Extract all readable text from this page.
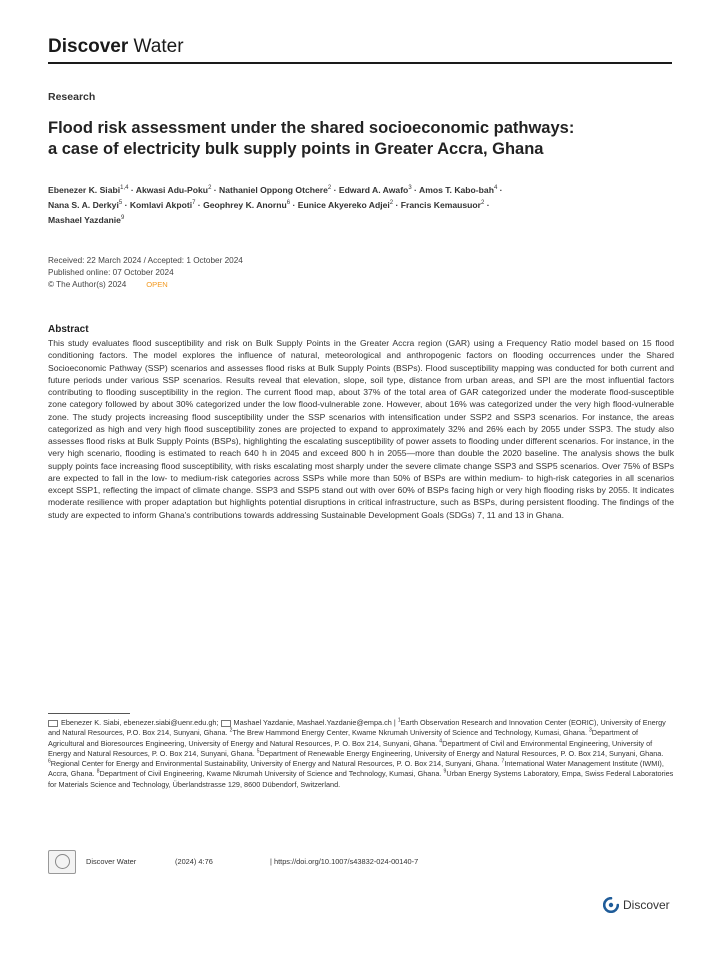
Discover Water
Research
Flood risk assessment under the shared socioeconomic pathways:
a case of electricity bulk supply points in Greater Accra, Ghana
Ebenezer K. Siabi$^{1,4}$ · Akwasi Adu-Poku$^2$ · Nathaniel Oppong Otchere$^2$ · Edward A. Awafo$^3$ · Amos T. Kabo-bah$^4$ ·
Nana S. A. Derkyi$^5$ · Komlavi Akpoti$^7$ · Geophrey K. Anornu$^6$ · Eunice Akyereko Adjei$^2$ · Francis Kemausuor$^2$ ·
Mashael Yazdanie$^9$
Received: 22 March 2024 / Accepted: 1 October 2024
Published online: 07 October 2024
© The Author(s) 2024	OPEN
Abstract
This study evaluates flood susceptibility and risk on Bulk Supply Points in the Greater Accra region (GAR) using a Frequency Ratio model based on 15 flood conditioning factors. The model explores the influence of natural, meteorological and anthropogenic factors on flooding occurrences under the Shared Socioeconomic Pathway (SSP) scenarios and assesses flood risks at Bulk Supply Points (BSPs). Flood susceptibility mapping was conducted for both current and future periods under various SSP scenarios. Results reveal that elevation, slope, soil type, distance from urban areas, and SPI are the most influential factors contributing to flooding susceptibility in the region. The current flood map, about 37% of the total area of GAR categorized under the moderate flood-susceptible zone category followed by about 30% categorized under the low flood-vulnerable zone. However, about 16% was categorized under the very high flood-vulnerable zone. The study projects increasing flood susceptibility under the SSP scenarios with intensification under SSP2 and SSP3 scenarios. For instance, the areas categorized as high and very high flood susceptibility zones are projected to expand to approximately 32% and 26% each by 2055 under SSP3. The study also assesses flood risks at Bulk Supply Points (BSPs), highlighting the escalating susceptibility of power assets to flooding under different scenarios. For instance, in the very high scenario, flooding is estimated to reach 640 h in 2045 and exceed 800 h in 2055—more than double the 2020 baseline. The analysis shows the bulk supply points face increasing flood susceptibility, with risks escalating most sharply under the severe climate change SSP3 and SSP5 scenarios. Over 75% of BSPs are expected to fall in the low- to medium-risk categories across SSPs while more than 50% of BSPs are within medium- to high-risk categories in all scenarios except SSP1, reflecting the impact of climate change. SSP3 and SSP5 stand out with over 60% of BSPs facing high or very high flooding risks by 2055. It indicates moderate resilience with proper adaptation but highlights potential disruptions in critical infrastructure, such as BSPs, during persistent flooding. The findings of the study are expected to inform Ghana's contributions towards addressing Sustainable Development Goals (SDGs) 7, 11 and 13 in Ghana.
Ebenezer K. Siabi, ebenezer.siabi@uenr.edu.gh; Mashael Yazdanie, Mashael.Yazdanie@empa.ch | $^1$Earth Observation Research and Innovation Center (EORIC), University of Energy and Natural Resources, P.O. Box 214, Sunyani, Ghana. $^2$The Brew Hammond Energy Center, Kwame Nkrumah University of Science and Technology, Kumasi, Ghana. $^3$Department of Agricultural and Bioresources Engineering, University of Energy and Natural Resources, P. O. Box 214, Sunyani, Ghana. $^4$Department of Civil and Environmental Engineering, University of Energy and Natural Resources, P. O. Box 214, Sunyani, Ghana. $^5$Department of Renewable Energy Engineering, University of Energy and Natural Resources, P. O. Box 214, Sunyani, Ghana. $^6$Regional Center for Energy and Environmental Sustainability, University of Energy and Natural Resources, P. O. Box 214, Sunyani, Ghana. $^7$International Water Management Institute (IWMI), Accra, Ghana. $^8$Department of Civil Engineering, Kwame Nkrumah University of Science and Technology, Kumasi, Ghana. $^9$Urban Energy Systems Laboratory, Empa, Swiss Federal Laboratories for Materials Science and Technology, Überlandstrasse 129, 8600 Dübendorf, Switzerland.
Discover Water	(2024) 4:76	| https://doi.org/10.1007/s43832-024-00140-7
Discover
